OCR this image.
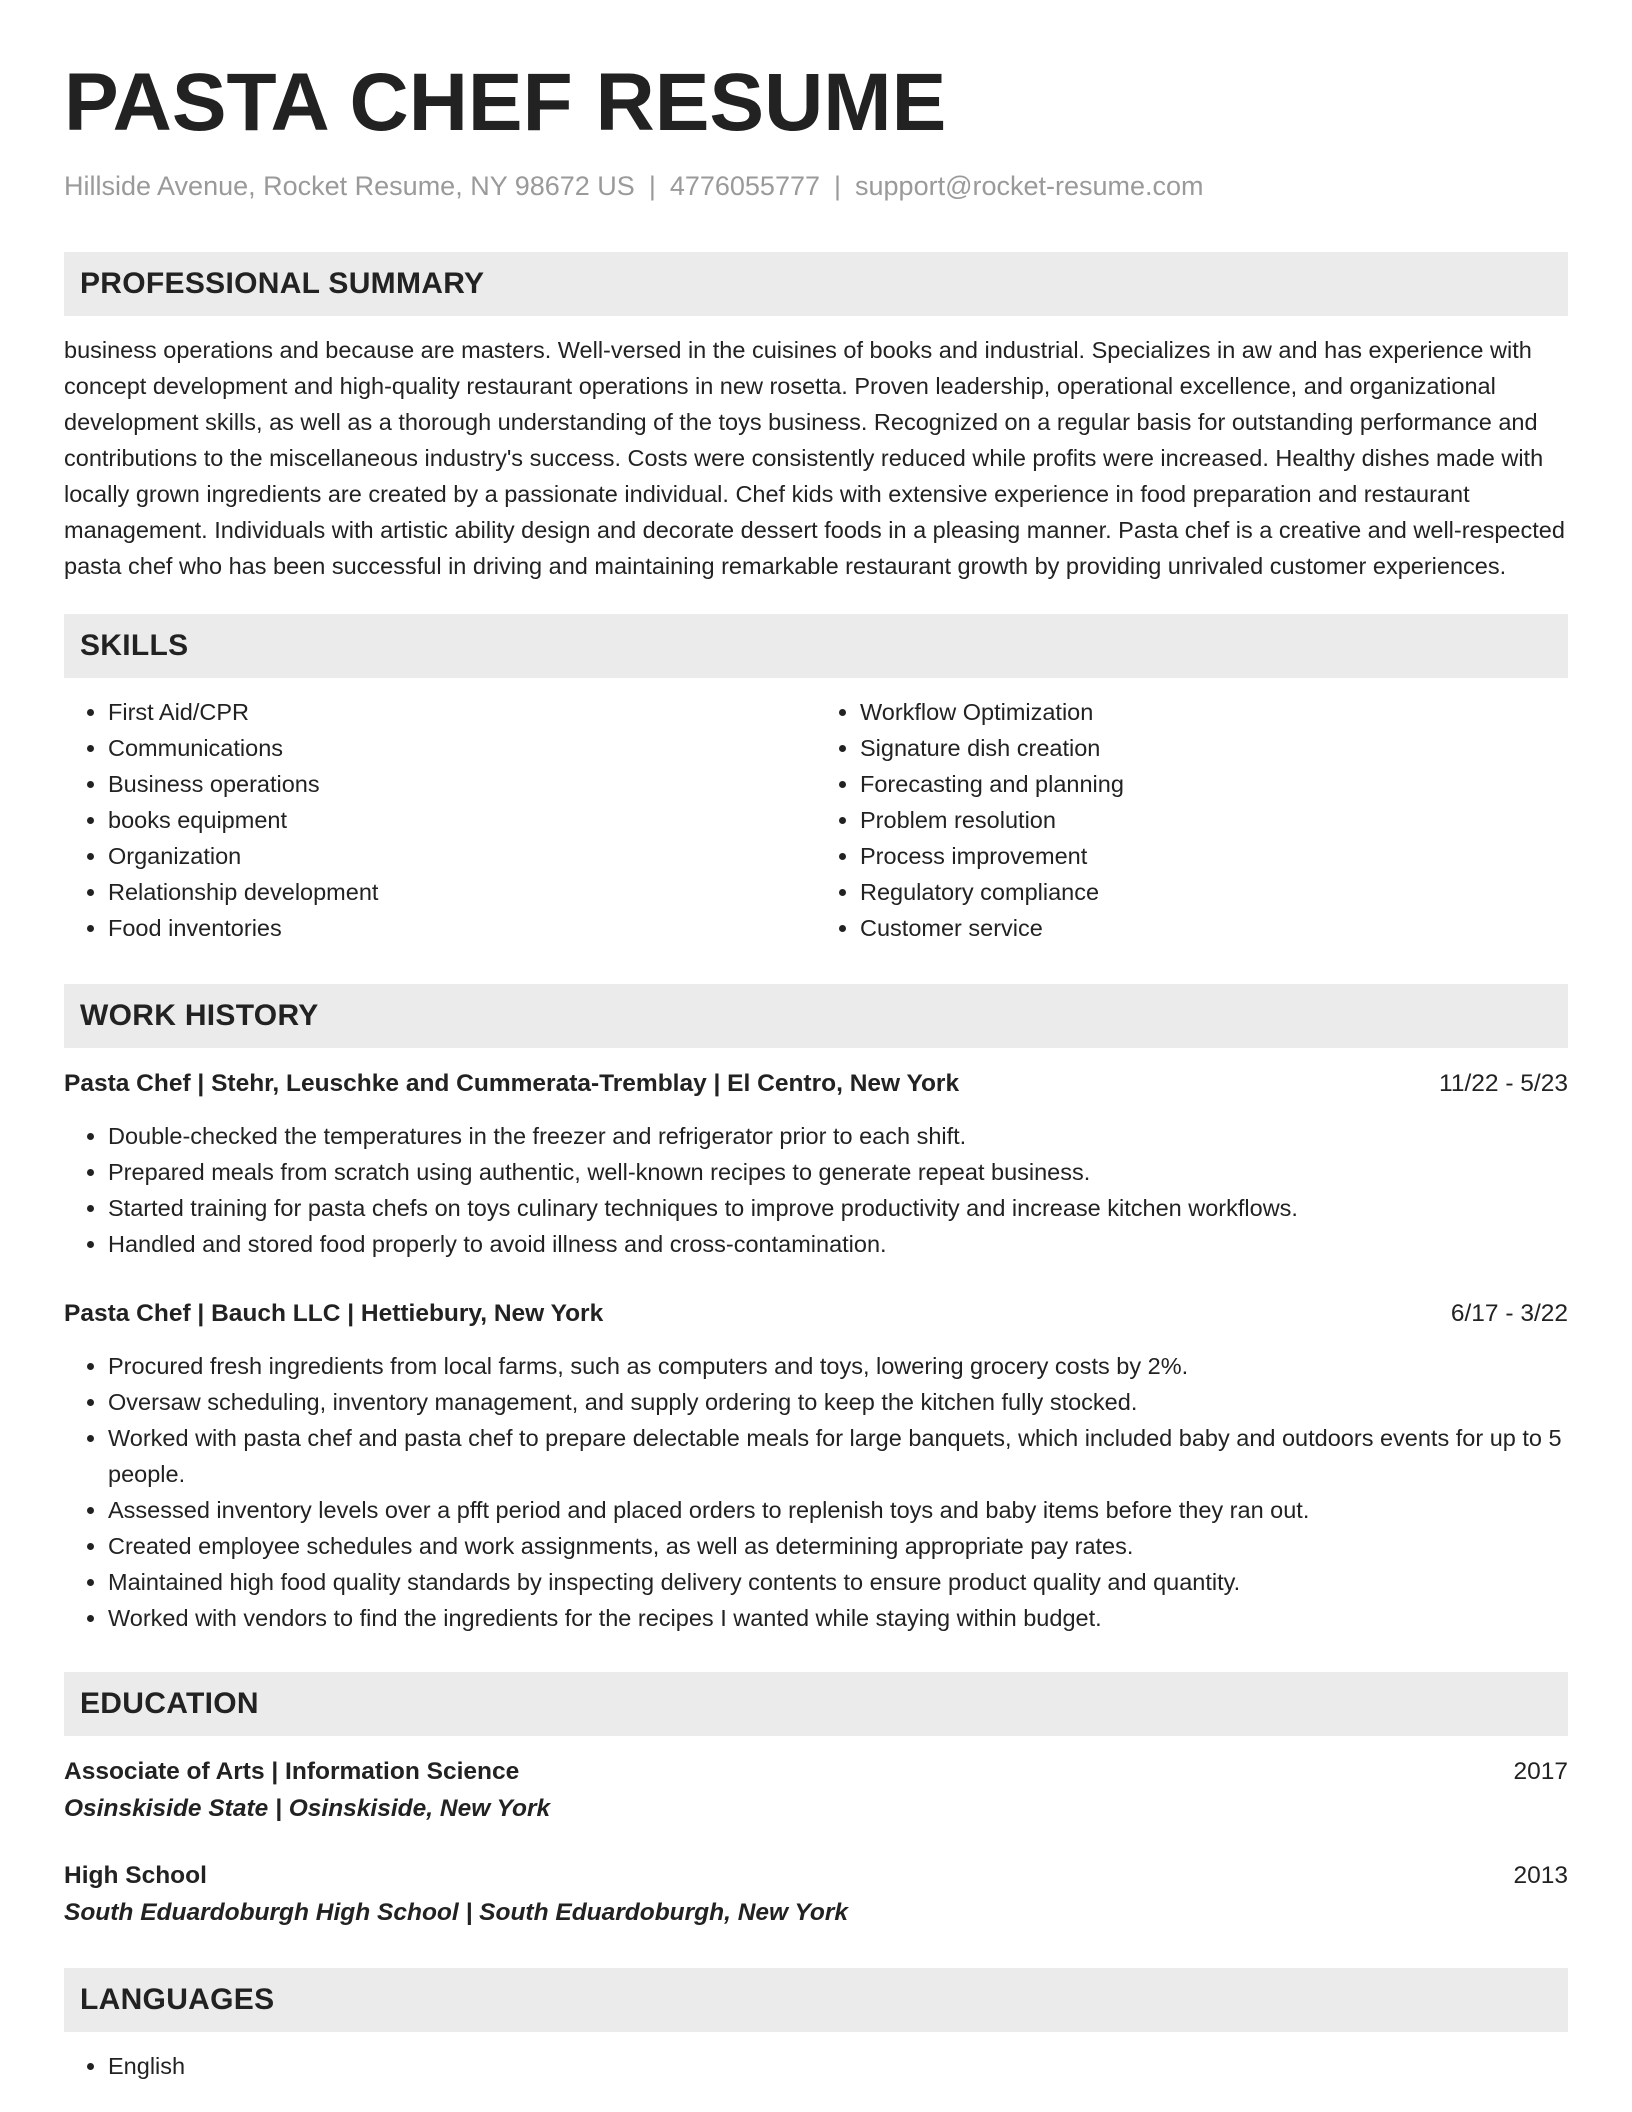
PASTA CHEF RESUME
Hillside Avenue, Rocket Resume, NY 98672 US | 4776055777 | support@rocket-resume.com
PROFESSIONAL SUMMARY

business operations and because are masters. Well-versed in the cuisines of books and industrial. Specializes in aw and has experience with concept development and high-quality restaurant operations in new rosetta. Proven leadership, operational excellence, and organizational development skills, as well as a thorough understanding of the toys business. Recognized on a regular basis for outstanding performance and contributions to the miscellaneous industry's success. Costs were consistently reduced while profits were increased. Healthy dishes made with locally grown ingredients are created by a passionate individual. Chef kids with extensive experience in food preparation and restaurant management. Individuals with artistic ability design and decorate dessert foods in a pleasing manner. Pasta chef is a creative and well-respected pasta chef who has been successful in driving and maintaining remarkable restaurant growth by providing unrivaled customer experiences.

SKILLS
• First Aid/CPR
• Communications
• Business operations
• books equipment
• Organization
• Relationship development
• Food inventories
• Workflow Optimization
• Signature dish creation
• Forecasting and planning
• Problem resolution
• Process improvement
• Regulatory compliance
• Customer service
WORK HISTORY
Pasta Chef | Stehr, Leuschke and Cummerata-Tremblay | El Centro, New York	11/22 - 5/23
• Double-checked the temperatures in the freezer and refrigerator prior to each shift.
• Prepared meals from scratch using authentic, well-known recipes to generate repeat business.
• Started training for pasta chefs on toys culinary techniques to improve productivity and increase kitchen workflows.
• Handled and stored food properly to avoid illness and cross-contamination.
Pasta Chef | Bauch LLC | Hettiebury, New York	6/17 - 3/22
• Procured fresh ingredients from local farms, such as computers and toys, lowering grocery costs by 2%.
• Oversaw scheduling, inventory management, and supply ordering to keep the kitchen fully stocked.
• Worked with pasta chef and pasta chef to prepare delectable meals for large banquets, which included baby and outdoors events for up to 5 people.
• Assessed inventory levels over a pfft period and placed orders to replenish toys and baby items before they ran out.
• Created employee schedules and work assignments, as well as determining appropriate pay rates.
• Maintained high food quality standards by inspecting delivery contents to ensure product quality and quantity.
• Worked with vendors to find the ingredients for the recipes I wanted while staying within budget.
EDUCATION
Associate of Arts | Information Science	2017
Osinskiside State | Osinskiside, New York
High School	2013
South Eduardoburgh High School | South Eduardoburgh, New York
LANGUAGES
• English
